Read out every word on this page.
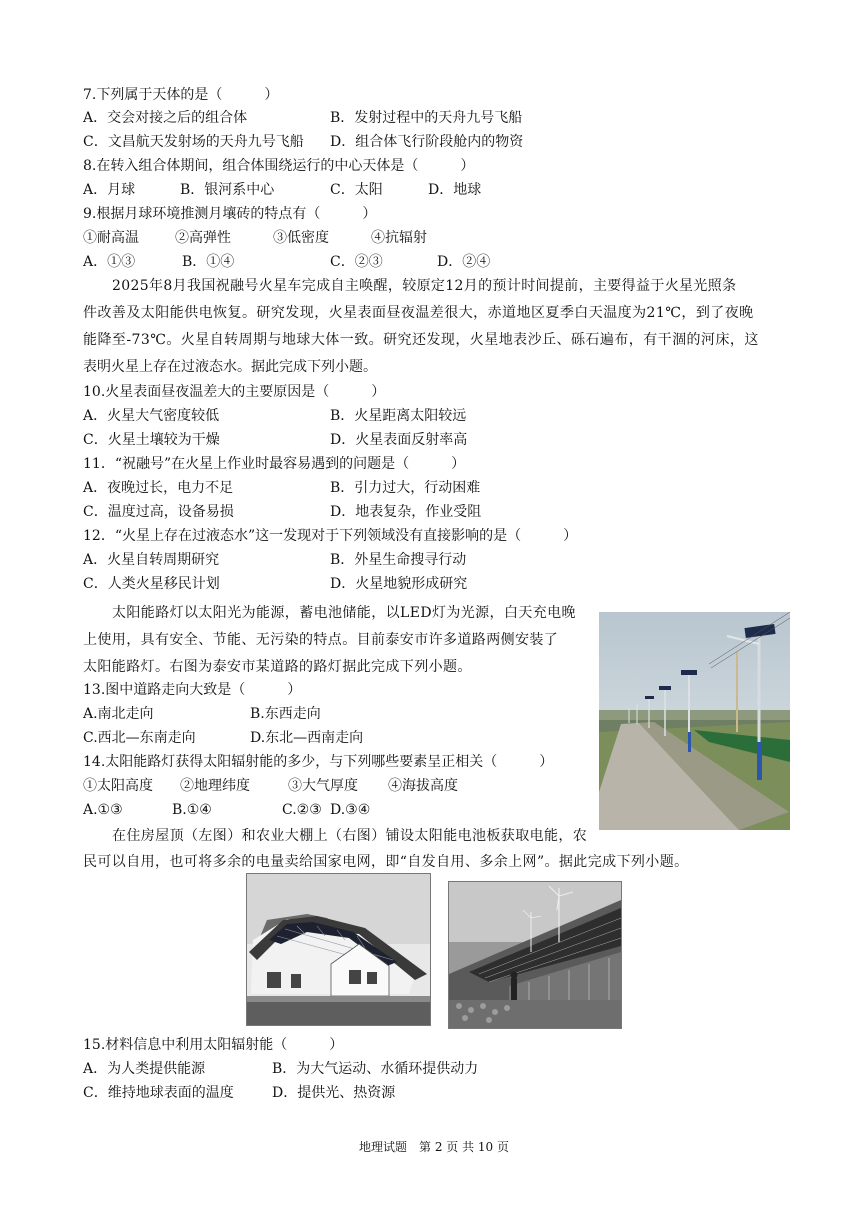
7.下列属于天体的是（　　　）
A．交会对接之后的组合体	B．发射过程中的天舟九号飞船
C．文昌航天发射场的天舟九号飞船 D．组合体飞行阶段舱内的物资
8.在转入组合体期间，组合体围绕运行的中心天体是（　　　）
A．月球	B．银河系中心	C．太阳	D．地球
9.根据月球环境推测月壤砖的特点有（　　　）
①耐高温	②高弹性	③低密度	④抗辐射
A．①③	B．①④	C．②③	D．②④
2025年8月我国祝融号火星车完成自主唤醒，较原定12月的预计时间提前，主要得益于火星光照条
件改善及太阳能供电恢复。研究发现，火星表面昼夜温差很大，赤道地区夏季白天温度为21℃，到了夜晚
能降至-73℃。火星自转周期与地球大体一致。研究还发现，火星地表沙丘、砾石遍布，有干涸的河床，这
表明火星上存在过液态水。据此完成下列小题。
10.火星表面昼夜温差大的主要原因是（　　　）
A．火星大气密度较低	B．火星距离太阳较远
C．火星土壤较为干燥	D．火星表面反射率高
11．“祝融号”在火星上作业时最容易遇到的问题是（　　　）
A．夜晚过长，电力不足	B．引力过大，行动困难
C．温度过高，设备易损	D．地表复杂，作业受阻
12．“火星上存在过液态水”这一发现对于下列领域没有直接影响的是（　　　）
A．火星自转周期研究	B．外星生命搜寻行动
C．人类火星移民计划	D．火星地貌形成研究
太阳能路灯以太阳光为能源，蓄电池储能，以LED灯为光源，白天充电晚
上使用，具有安全、节能、无污染的特点。目前泰安市许多道路两侧安装了
太阳能路灯。右图为泰安市某道路的路灯据此完成下列小题。
13.图中道路走向大致是（　　　）
A.南北走向	B.东西走向
C.西北—东南走向	D.东北—西南走向
14.太阳能路灯获得太阳辐射能的多少，与下列哪些要素呈正相关（　　　）
①太阳高度 ②地理纬度	③大气厚度 ④海拔高度
A.①③	B.①④	C.②③ D.③④
在住房屋顶（左图）和农业大棚上（右图）铺设太阳能电池板获取电能，农
民可以自用，也可将多余的电量卖给国家电网，即“自发自用、多余上网”。据此完成下列小题。
15.材料信息中利用太阳辐射能（　　　）
A．为人类提供能源	B．为大气运动、水循环提供动力
C．维持地球表面的温度	D．提供光、热资源
地理试题　第 2 页 共 10 页
